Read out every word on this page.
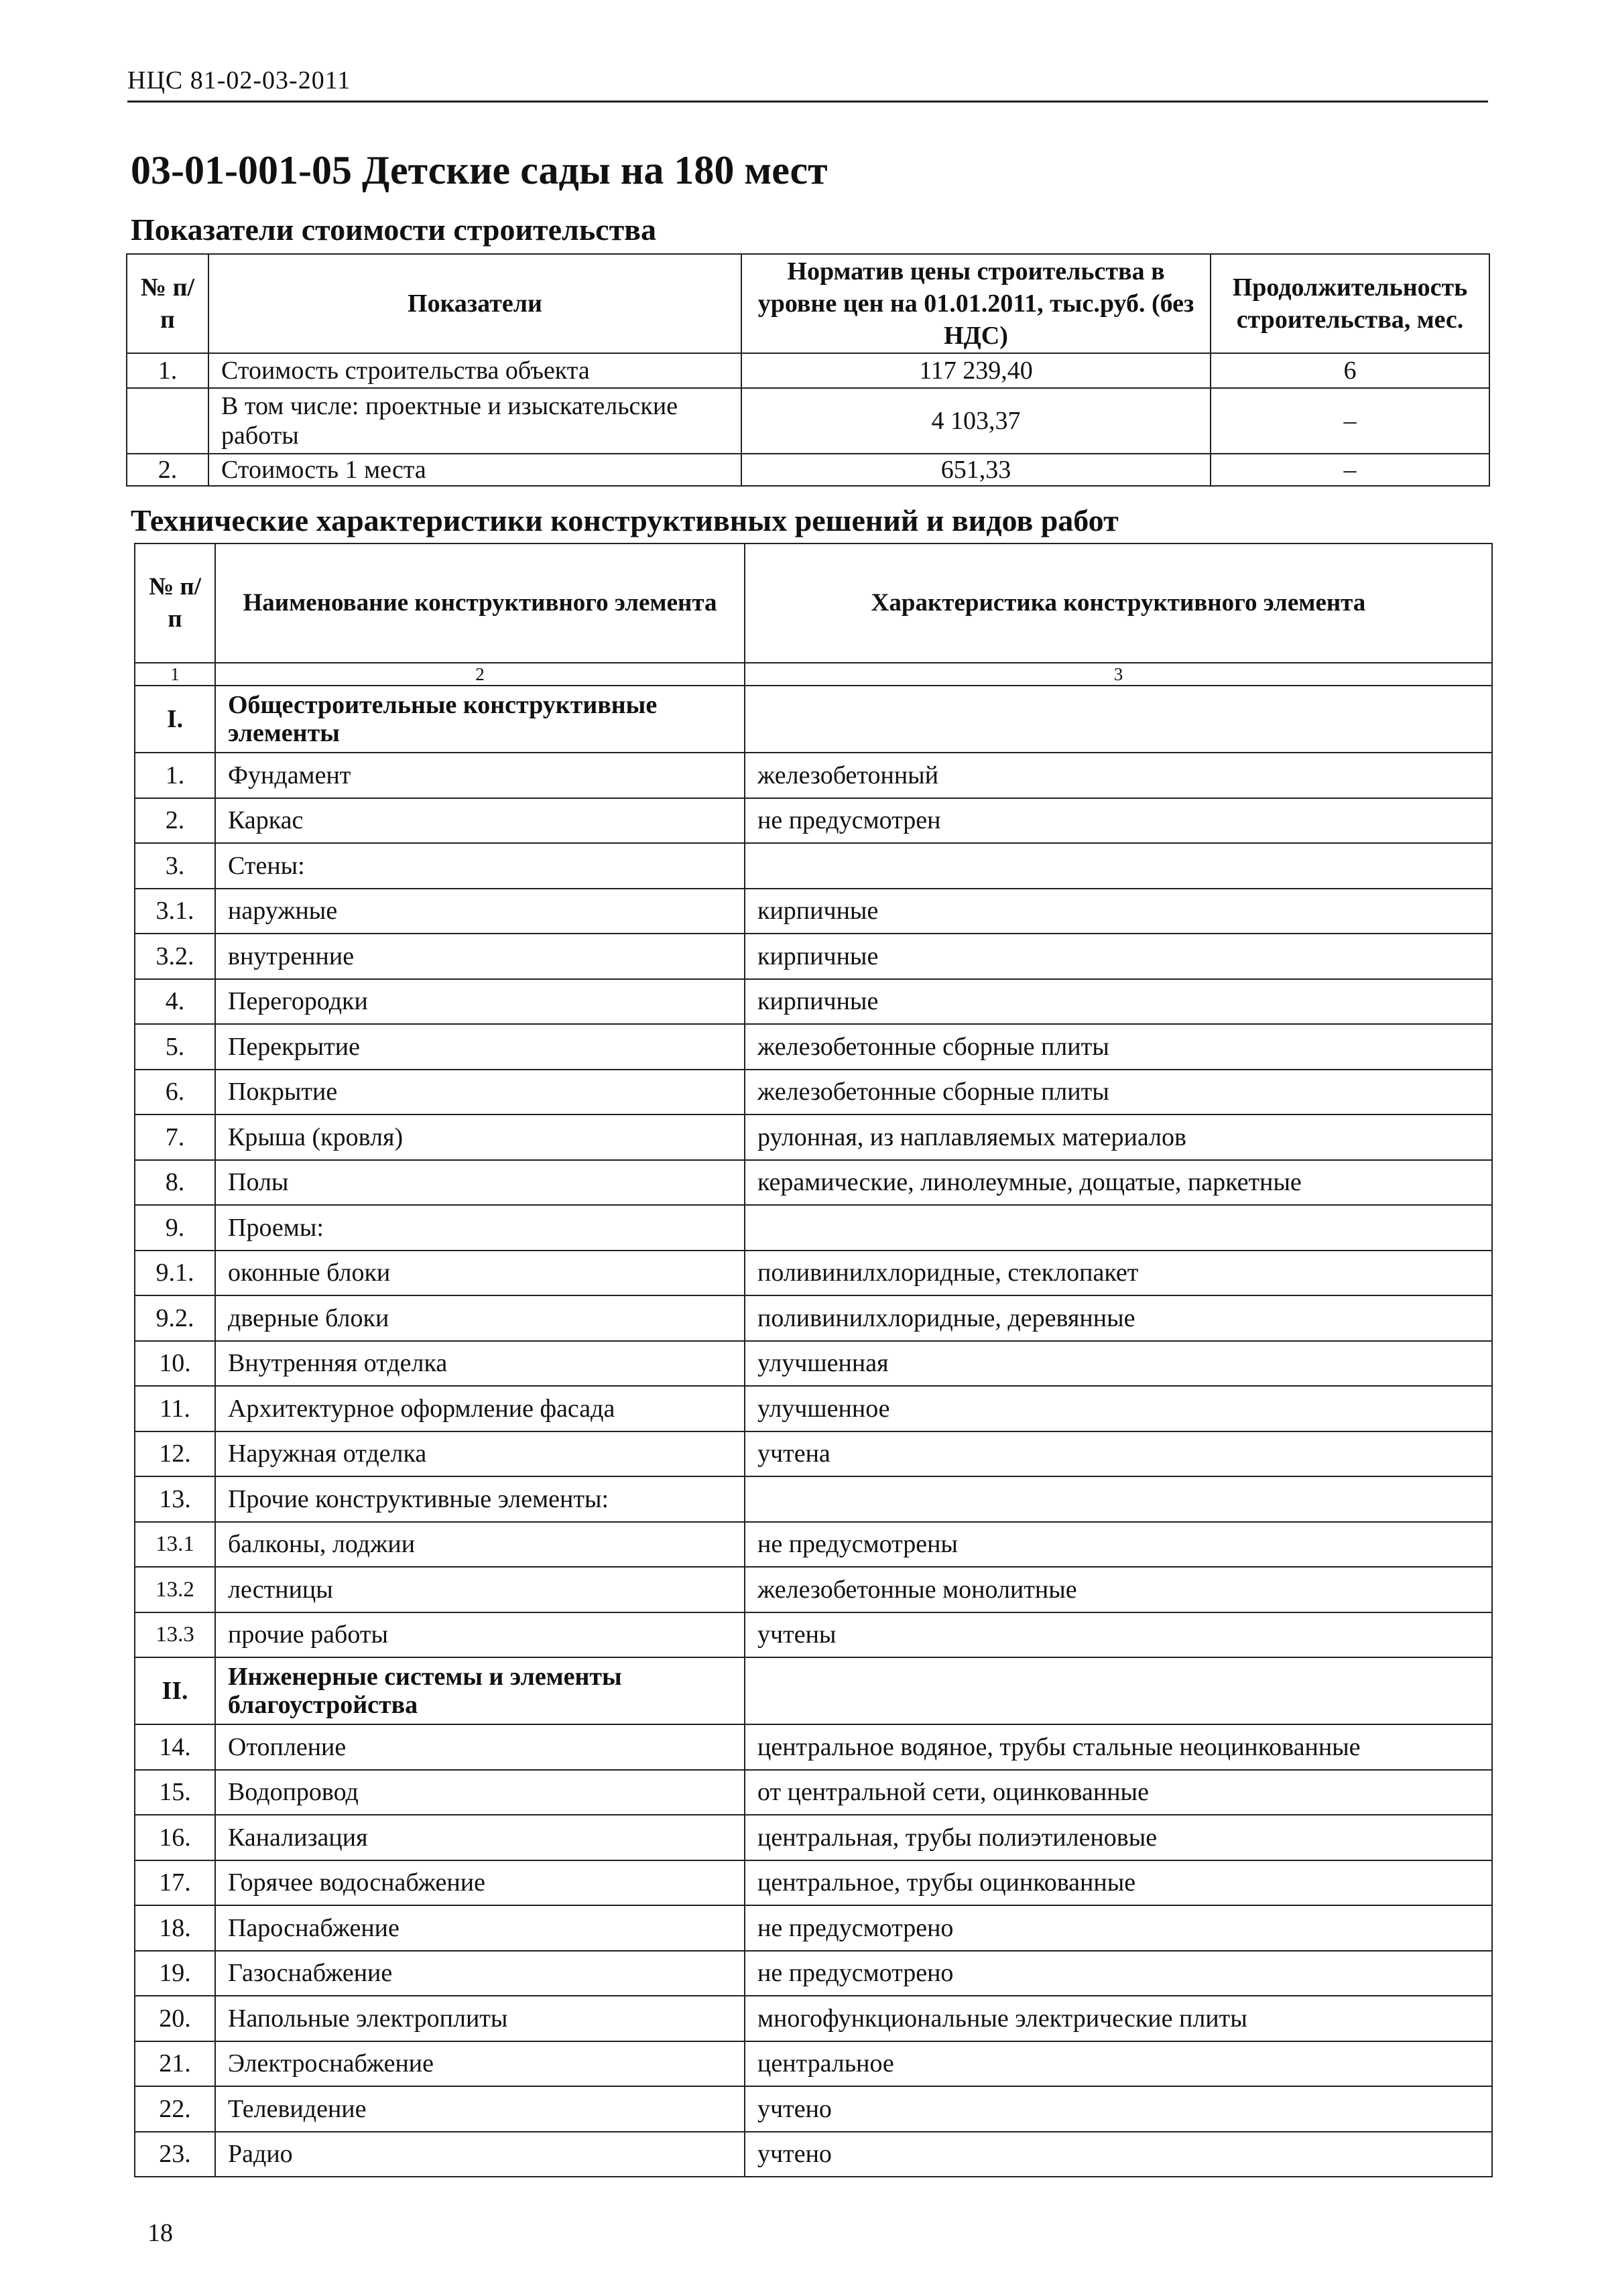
НЦС 81-02-03-2011
03-01-001-05 Детские сады на 180 мест
Показатели стоимости строительства
№ п/п	Показатели	Норматив цены строительства в уровне цен на 01.01.2011, тыс.руб. (без НДС)	Продолжительность строительства, мес.
1.	Стоимость строительства объекта	117 239,40	6
	В том числе: проектные и изыскательские работы	4 103,37	–
2.	Стоимость 1 места	651,33	–
Технические характеристики конструктивных решений и видов работ
№ п/п	Наименование конструктивного элемента	Характеристика конструктивного элемента
1	2	3
I.	Общестроительные конструктивные элементы	
1.	Фундамент	железобетонный
2.	Каркас	не предусмотрен
3.	Стены:	
3.1.	наружные	кирпичные
3.2.	внутренние	кирпичные
4.	Перегородки	кирпичные
5.	Перекрытие	железобетонные сборные плиты
6.	Покрытие	железобетонные сборные плиты
7.	Крыша (кровля)	рулонная, из наплавляемых материалов
8.	Полы	керамические, линолеумные, дощатые, паркетные
9.	Проемы:	
9.1.	оконные блоки	поливинилхлоридные, стеклопакет
9.2.	дверные блоки	поливинилхлоридные, деревянные
10.	Внутренняя отделка	улучшенная
11.	Архитектурное оформление фасада	улучшенное
12.	Наружная отделка	учтена
13.	Прочие конструктивные элементы:	
13.1	балконы, лоджии	не предусмотрены
13.2	лестницы	железобетонные монолитные
13.3	прочие работы	учтены
II.	Инженерные системы и элементы благоустройства	
14.	Отопление	центральное водяное, трубы стальные неоцинкованные
15.	Водопровод	от центральной сети, оцинкованные
16.	Канализация	центральная, трубы полиэтиленовые
17.	Горячее водоснабжение	центральное, трубы оцинкованные
18.	Пароснабжение	не предусмотрено
19.	Газоснабжение	не предусмотрено
20.	Напольные электроплиты	многофункциональные электрические плиты
21.	Электроснабжение	центральное
22.	Телевидение	учтено
23.	Радио	учтено
18
